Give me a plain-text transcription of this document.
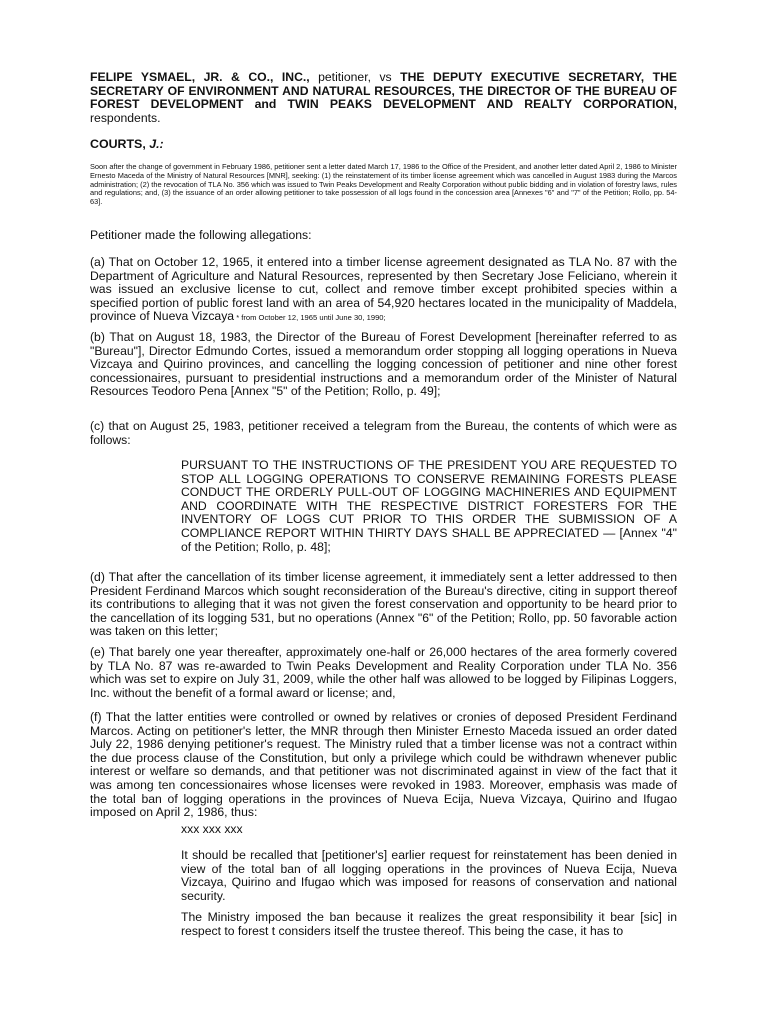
FELIPE YSMAEL, JR. & CO., INC., petitioner, vs THE DEPUTY EXECUTIVE SECRETARY, THE SECRETARY OF ENVIRONMENT AND NATURAL RESOURCES, THE DIRECTOR OF THE BUREAU OF FOREST DEVELOPMENT and TWIN PEAKS DEVELOPMENT AND REALTY CORPORATION, respondents.

COURTS, J.:

Soon after the change of government in February 1986, petitioner sent a letter dated March 17, 1986 to the Office of the President, and another letter dated April 2, 1986 to Minister Ernesto Maceda of the Ministry of Natural Resources [MNR], seeking: (1) the reinstatement of its timber license agreement which was cancelled in August 1983 during the Marcos administration; (2) the revocation of TLA No. 356 which was issued to Twin Peaks Development and Realty Corporation without public bidding and in violation of forestry laws, rules and regulations; and, (3) the issuance of an order allowing petitioner to take possession of all logs found in the concession area [Annexes "6" and "7" of the Petition; Rollo, pp. 54-63].

Petitioner made the following allegations:

(a) That on October 12, 1965, it entered into a timber license agreement designated as TLA No. 87 with the Department of Agriculture and Natural Resources, represented by then Secretary Jose Feliciano, wherein it was issued an exclusive license to cut, collect and remove timber except prohibited species within a specified portion of public forest land with an area of 54,920 hectares located in the municipality of Maddela, province of Nueva Vizcaya * from October 12, 1965 until June 30, 1990;

(b) That on August 18, 1983, the Director of the Bureau of Forest Development [hereinafter referred to as "Bureau"], Director Edmundo Cortes, issued a memorandum order stopping all logging operations in Nueva Vizcaya and Quirino provinces, and cancelling the logging concession of petitioner and nine other forest concessionaires, pursuant to presidential instructions and a memorandum order of the Minister of Natural Resources Teodoro Pena [Annex "5" of the Petition; Rollo, p. 49];

(c) that on August 25, 1983, petitioner received a telegram from the Bureau, the contents of which were as follows:

PURSUANT TO THE INSTRUCTIONS OF THE PRESIDENT YOU ARE REQUESTED TO STOP ALL LOGGING OPERATIONS TO CONSERVE REMAINING FORESTS PLEASE CONDUCT THE ORDERLY PULL-OUT OF LOGGING MACHINERIES AND EQUIPMENT AND COORDINATE WITH THE RESPECTIVE DISTRICT FORESTERS FOR THE INVENTORY OF LOGS CUT PRIOR TO THIS ORDER THE SUBMISSION OF A COMPLIANCE REPORT WITHIN THIRTY DAYS SHALL BE APPRECIATED — [Annex "4" of the Petition; Rollo, p. 48];

(d) That after the cancellation of its timber license agreement, it immediately sent a letter addressed to then President Ferdinand Marcos which sought reconsideration of the Bureau's directive, citing in support thereof its contributions to alleging that it was not given the forest conservation and opportunity to be heard prior to the cancellation of its logging 531, but no operations (Annex "6" of the Petition; Rollo, pp. 50 favorable action was taken on this letter;

(e) That barely one year thereafter, approximately one-half or 26,000 hectares of the area formerly covered by TLA No. 87 was re-awarded to Twin Peaks Development and Reality Corporation under TLA No. 356 which was set to expire on July 31, 2009, while the other half was allowed to be logged by Filipinas Loggers, Inc. without the benefit of a formal award or license; and,

(f) That the latter entities were controlled or owned by relatives or cronies of deposed President Ferdinand Marcos. Acting on petitioner's letter, the MNR through then Minister Ernesto Maceda issued an order dated July 22, 1986 denying petitioner's request. The Ministry ruled that a timber license was not a contract within the due process clause of the Constitution, but only a privilege which could be withdrawn whenever public interest or welfare so demands, and that petitioner was not discriminated against in view of the fact that it was among ten concessionaires whose licenses were revoked in 1983. Moreover, emphasis was made of the total ban of logging operations in the provinces of Nueva Ecija, Nueva Vizcaya, Quirino and Ifugao imposed on April 2, 1986, thus:

xxx xxx xxx

It should be recalled that [petitioner's] earlier request for reinstatement has been denied in view of the total ban of all logging operations in the provinces of Nueva Ecija, Nueva Vizcaya, Quirino and Ifugao which was imposed for reasons of conservation and national security.

The Ministry imposed the ban because it realizes the great responsibility it bear [sic] in respect to forest t considers itself the trustee thereof. This being the case, it has to
